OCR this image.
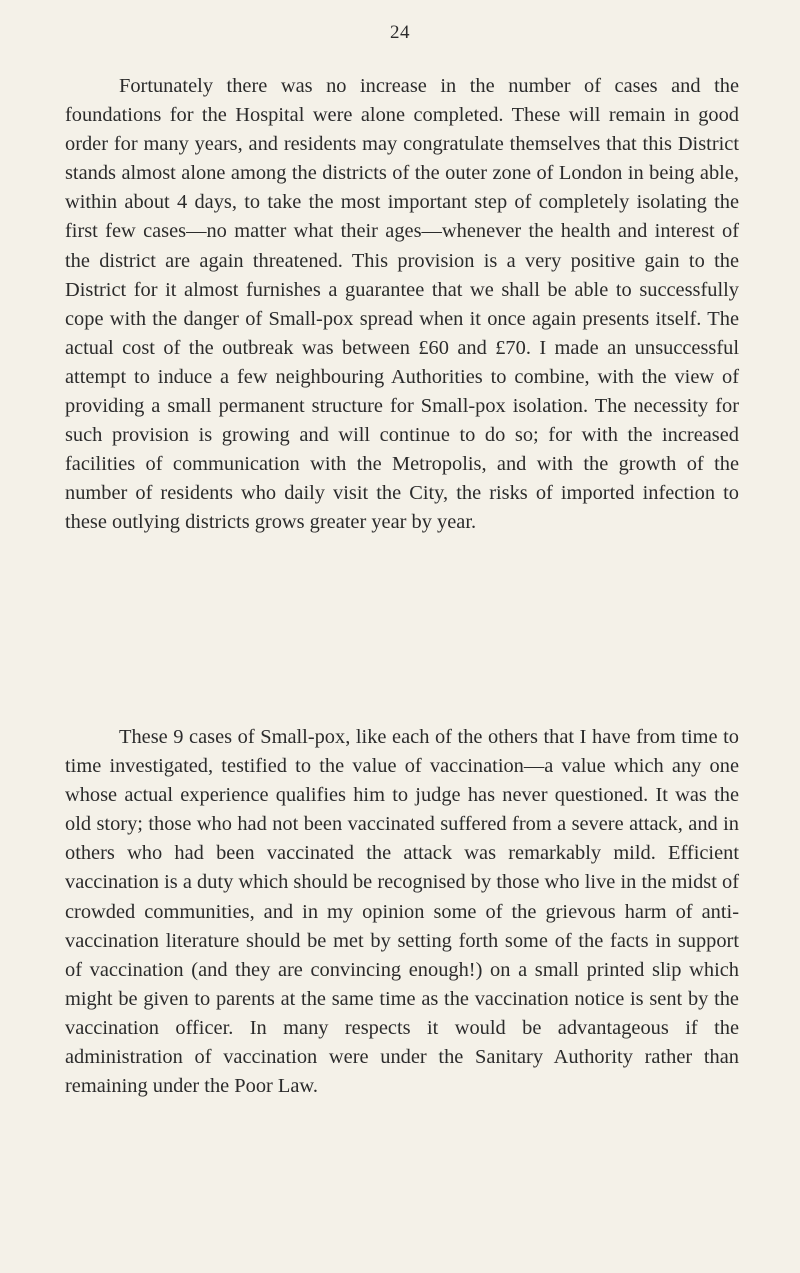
24

Fortunately there was no increase in the number of cases and the foundations for the Hospital were alone completed. These will remain in good order for many years, and residents may congratulate themselves that this District stands almost alone among the districts of the outer zone of London in being able, within about 4 days, to take the most important step of completely isolating the first few cases—no matter what their ages—whenever the health and interest of the district are again threatened. This provision is a very positive gain to the District for it almost furnishes a guarantee that we shall be able to successfully cope with the danger of Small-pox spread when it once again presents itself. The actual cost of the outbreak was between £60 and £70. I made an unsuccessful attempt to induce a few neighbouring Authorities to combine, with the view of providing a small permanent structure for Small-pox isolation. The necessity for such provision is growing and will continue to do so; for with the increased facilities of communication with the Metropolis, and with the growth of the number of residents who daily visit the City, the risks of imported infection to these outlying districts grows greater year by year.

These 9 cases of Small-pox, like each of the others that I have from time to time investigated, testified to the value of vaccination—a value which any one whose actual experience qualifies him to judge has never questioned. It was the old story; those who had not been vaccinated suffered from a severe attack, and in others who had been vaccinated the attack was remarkably mild. Efficient vaccination is a duty which should be recognised by those who live in the midst of crowded communities, and in my opinion some of the grievous harm of anti-vaccination literature should be met by setting forth some of the facts in support of vaccination (and they are convincing enough!) on a small printed slip which might be given to parents at the same time as the vaccination notice is sent by the vaccination officer. In many respects it would be advantageous if the administration of vaccination were under the Sanitary Authority rather than remaining under the Poor Law.
